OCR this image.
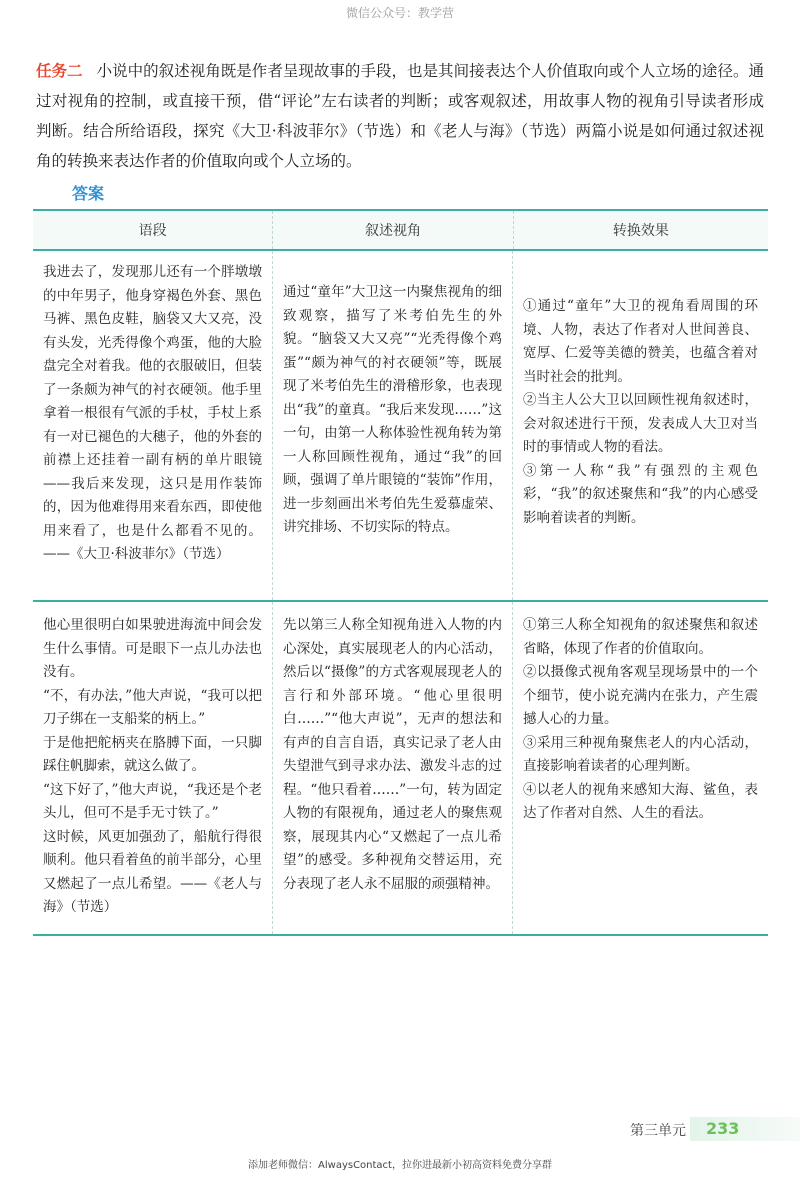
微信公众号：教学营
任务二 小说中的叙述视角既是作者呈现故事的手段，也是其间接表达个人价值取向或个人立场的途径。通过对视角的控制，或直接干预，借“评论”左右读者的判断；或客观叙述，用故事人物的视角引导读者形成判断。结合所给语段，探究《大卫·科波菲尔》（节选）和《老人与海》（节选）两篇小说是如何通过叙述视角的转换来表达作者的价值取向或个人立场的。
答案
语段	叙述视角	转换效果
我进去了，发现那儿还有一个胖墩墩的中年男子，他身穿褐色外套、黑色马裤、黑色皮鞋，脑袋又大又亮，没有头发，光秃得像个鸡蛋，他的大脸盘完全对着我。他的衣服破旧，但装了一条颇为神气的衬衣硬领。他手里拿着一根很有气派的手杖，手杖上系有一对已褪色的大穗子，他的外套的前襟上还挂着一副有柄的单片眼镜——我后来发现，这只是用作装饰的，因为他难得用来看东西，即使他用来看了，也是什么都看不见的。——《大卫·科波菲尔》（节选）
通过“童年”大卫这一内聚焦视角的细致观察，描写了米考伯先生的外貌。“脑袋又大又亮”“光秃得像个鸡蛋”“颇为神气的衬衣硬领”等，既展现了米考伯先生的滑稽形象，也表现出“我”的童真。“我后来发现……”这一句，由第一人称体验性视角转为第一人称回顾性视角，通过“我”的回顾，强调了单片眼镜的“装饰”作用，进一步刻画出米考伯先生爱慕虚荣、讲究排场、不切实际的特点。
①通过“童年”大卫的视角看周围的环境、人物，表达了作者对人世间善良、宽厚、仁爱等美德的赞美，也蕴含着对当时社会的批判。
②当主人公大卫以回顾性视角叙述时，会对叙述进行干预，发表成人大卫对当时的事情或人物的看法。
③第一人称“我”有强烈的主观色彩，“我”的叙述聚焦和“我”的内心感受影响着读者的判断。
他心里很明白如果驶进海流中间会发生什么事情。可是眼下一点儿办法也没有。
“不，有办法，”他大声说，“我可以把刀子绑在一支船桨的柄上。”
于是他把舵柄夹在胳膊下面，一只脚踩住帆脚索，就这么做了。
“这下好了，”他大声说，“我还是个老头儿，但可不是手无寸铁了。”
这时候，风更加强劲了，船航行得很顺利。他只看着鱼的前半部分，心里又燃起了一点儿希望。——《老人与海》（节选）
先以第三人称全知视角进入人物的内心深处，真实展现老人的内心活动，然后以“摄像”的方式客观展现老人的言行和外部环境。“他心里很明白……”“他大声说”，无声的想法和有声的自言自语，真实记录了老人由失望泄气到寻求办法、激发斗志的过程。“他只看着……”一句，转为固定人物的有限视角，通过老人的聚焦观察，展现其内心“又燃起了一点儿希望”的感受。多种视角交替运用，充分表现了老人永不屈服的顽强精神。
①第三人称全知视角的叙述聚焦和叙述省略，体现了作者的价值取向。
②以摄像式视角客观呈现场景中的一个个细节，使小说充满内在张力，产生震撼人心的力量。
③采用三种视角聚焦老人的内心活动，直接影响着读者的心理判断。
④以老人的视角来感知大海、鲨鱼，表达了作者对自然、人生的看法。
第三单元 233
添加老师微信：AlwaysContact，拉你进最新小初高资料免费分享群
